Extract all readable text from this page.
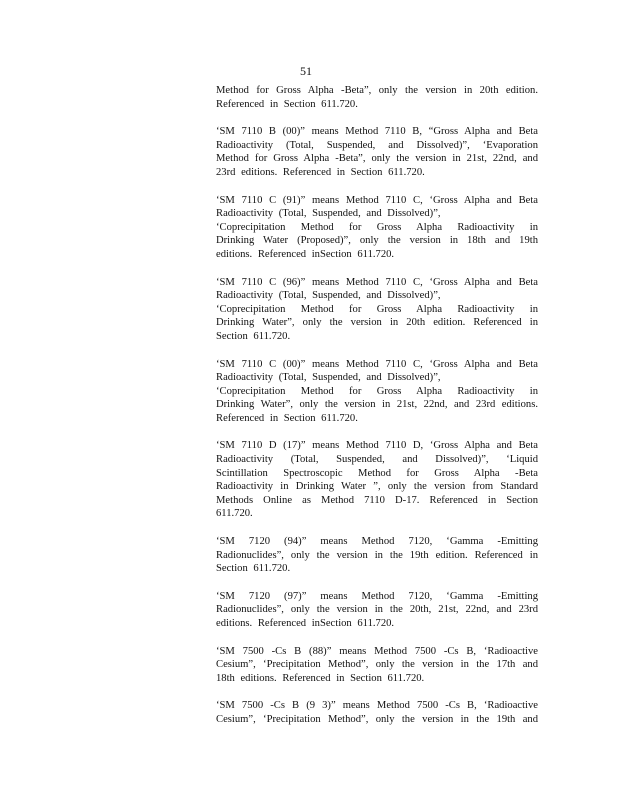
51
Method for Gross Alpha -Beta”, only the version in 20th edition.
Referenced in Section 611.720.
‘SM 7110 B (00)” means Method 7110 B, “Gross Alpha and Beta
Radioactivity (Total, Suspended, and Dissolved)”, ‘Evaporation
Method for Gross Alpha -Beta”, only the version in 21st, 22nd, and
23rd editions. Referenced in Section 611.720.
‘SM 7110 C (91)” means Method 7110 C, ‘Gross Alpha and Beta
Radioactivity (Total, Suspended, and Dissolved)”,
‘Coprecipitation Method for Gross Alpha Radioactivity in
Drinking Water (Proposed)”, only the version in 18th and 19th
editions. Referenced inSection 611.720.
‘SM 7110 C (96)” means Method 7110 C, ‘Gross Alpha and Beta
Radioactivity (Total, Suspended, and Dissolved)”,
‘Coprecipitation Method for Gross Alpha Radioactivity in
Drinking Water”, only the version in 20th edition. Referenced in
Section 611.720.
‘SM 7110 C (00)” means Method 7110 C, ‘Gross Alpha and Beta
Radioactivity (Total, Suspended, and Dissolved)”,
‘Coprecipitation Method for Gross Alpha Radioactivity in
Drinking Water”, only the version in 21st, 22nd, and 23rd editions.
Referenced in Section 611.720.
‘SM 7110 D (17)” means Method 7110 D, ‘Gross Alpha and Beta
Radioactivity (Total, Suspended, and Dissolved)”, ‘Liquid
Scintillation Spectroscopic Method for Gross Alpha -Beta
Radioactivity in Drinking Water ”, only the version from Standard
Methods Online as Method 7110 D-17. Referenced in Section
611.720.
‘SM 7120 (94)” means Method 7120, ‘Gamma -Emitting
Radionuclides”, only the version in the 19th edition. Referenced in
Section 611.720.
‘SM 7120 (97)” means Method 7120, ‘Gamma -Emitting
Radionuclides”, only the version in the 20th, 21st, 22nd, and 23rd
editions. Referenced inSection 611.720.
‘SM 7500 -Cs B (88)” means Method 7500 -Cs B, ‘Radioactive
Cesium”, ‘Precipitation Method”, only the version in the 17th and
18th editions. Referenced in Section 611.720.
‘SM 7500 -Cs B (9 3)” means Method 7500 -Cs B, ‘Radioactive
Cesium”, ‘Precipitation Method”, only the version in the 19th and
